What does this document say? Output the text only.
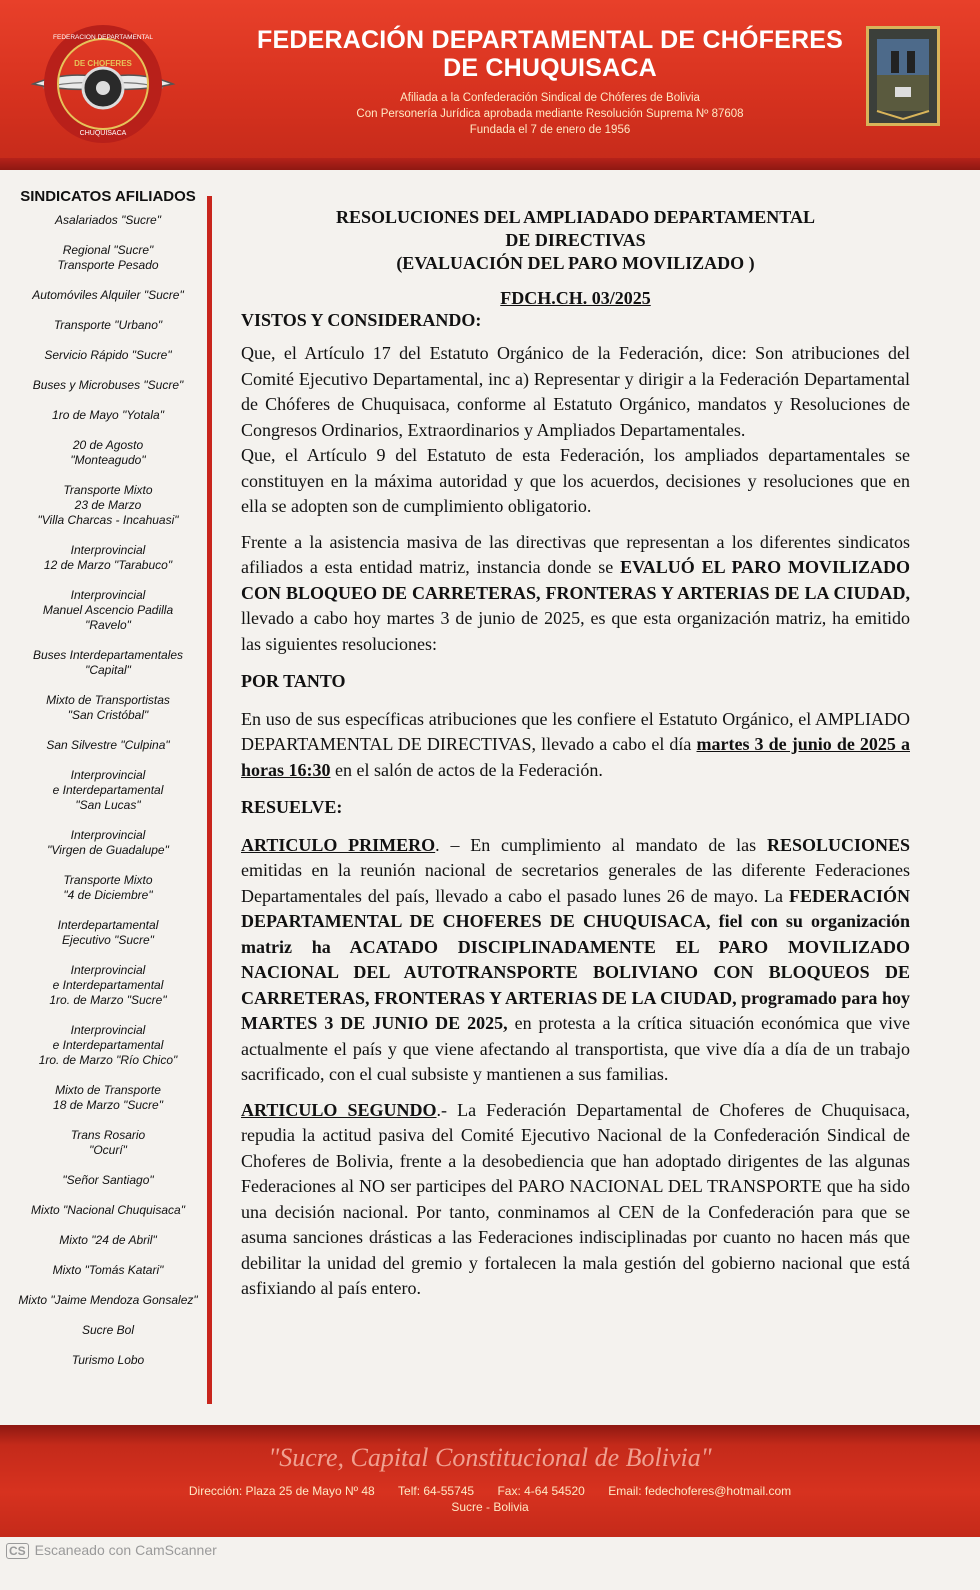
DE CHOFERES
FEDERACION DEPARTAMENTAL
CHUQUISACA
FEDERACIÓN DEPARTAMENTAL DE CHÓFERES
DE CHUQUISACA
Afiliada a la Confederación Sindical de Chóferes de Bolivia
Con Personería Jurídica aprobada mediante Resolución Suprema Nº 87608
Fundada el 7 de enero de 1956
SINDICATOS AFILIADOS
Asalariados "Sucre"
Regional "Sucre"
Transporte Pesado
Automóviles Alquiler "Sucre"
Transporte "Urbano"
Servicio Rápido "Sucre"
Buses y Microbuses "Sucre"
1ro de Mayo "Yotala"
20 de Agosto
"Monteagudo"
Transporte Mixto
23 de Marzo
"Villa Charcas - Incahuasi"
Interprovincial
12 de Marzo "Tarabuco"
Interprovincial
Manuel Ascencio Padilla
"Ravelo"
Buses Interdepartamentales
"Capital"
Mixto de Transportistas
"San Cristóbal"
San Silvestre "Culpina"
Interprovincial
e Interdepartamental
"San Lucas"
Interprovincial
"Virgen de Guadalupe"
Transporte Mixto
"4 de Diciembre"
Interdepartamental
Ejecutivo "Sucre"
Interprovincial
e Interdepartamental
1ro. de Marzo "Sucre"
Interprovincial
e Interdepartamental
1ro. de Marzo "Río Chico"
Mixto de Transporte
18 de Marzo "Sucre"
Trans Rosario
"Ocurí"
"Señor Santiago"
Mixto "Nacional Chuquisaca"
Mixto "24 de Abril"
Mixto "Tomás Katari"
Mixto "Jaime Mendoza Gonsalez"
Sucre Bol
Turismo Lobo
RESOLUCIONES DEL AMPLIADADO DEPARTAMENTAL
DE DIRECTIVAS
(EVALUACIÓN DEL PARO MOVILIZADO )
FDCH.CH. 03/2025
VISTOS Y CONSIDERANDO:
Que, el Artículo 17 del Estatuto Orgánico de la Federación, dice: Son atribuciones del Comité Ejecutivo Departamental, inc a) Representar y dirigir a la Federación Departamental de Chóferes de Chuquisaca, conforme al Estatuto Orgánico, mandatos y Resoluciones de Congresos Ordinarios, Extraordinarios y Ampliados Departamentales.
Que, el Artículo 9 del Estatuto de esta Federación, los ampliados departamentales se constituyen en la máxima autoridad y que los acuerdos, decisiones y resoluciones que en ella se adopten son de cumplimiento obligatorio.
Frente a la asistencia masiva de las directivas que representan a los diferentes sindicatos afiliados a esta entidad matriz, instancia donde se EVALUÓ EL PARO MOVILIZADO CON BLOQUEO DE CARRETERAS, FRONTERAS Y ARTERIAS DE LA CIUDAD, llevado a cabo hoy martes 3 de junio de 2025, es que esta organización matriz, ha emitido las siguientes resoluciones:
POR TANTO
En uso de sus específicas atribuciones que les confiere el Estatuto Orgánico, el AMPLIADO DEPARTAMENTAL DE DIRECTIVAS, llevado a cabo el día martes 3 de junio de 2025 a horas 16:30 en el salón de actos de la Federación.
RESUELVE:
ARTICULO PRIMERO. – En cumplimiento al mandato de las RESOLUCIONES emitidas en la reunión nacional de secretarios generales de las diferente Federaciones Departamentales del país, llevado a cabo el pasado lunes 26 de mayo. La FEDERACIÓN DEPARTAMENTAL DE CHOFERES DE CHUQUISACA, fiel con su organización matriz ha ACATADO DISCIPLINADAMENTE EL PARO MOVILIZADO NACIONAL DEL AUTOTRANSPORTE BOLIVIANO CON BLOQUEOS DE CARRETERAS, FRONTERAS Y ARTERIAS DE LA CIUDAD, programado para hoy MARTES 3 DE JUNIO DE 2025, en protesta a la crítica situación económica que vive actualmente el país y que viene afectando al transportista, que vive día a día de un trabajo sacrificado, con el cual subsiste y mantienen a sus familias.
ARTICULO SEGUNDO.- La Federación Departamental de Choferes de Chuquisaca, repudia la actitud pasiva del Comité Ejecutivo Nacional de la Confederación Sindical de Choferes de Bolivia, frente a la desobediencia que han adoptado dirigentes de las algunas Federaciones al NO ser participes del PARO NACIONAL DEL TRANSPORTE que ha sido una decisión nacional. Por tanto, conminamos al CEN de la Confederación para que se asuma sanciones drásticas a las Federaciones indisciplinadas por cuanto no hacen más que debilitar la unidad del gremio y fortalecen la mala gestión del gobierno nacional que está asfixiando al país entero.
"Sucre, Capital Constitucional de Bolivia"
Dirección: Plaza 25 de Mayo Nº 48 Telf: 64-55745 Fax: 4-64 54520 Email: fedechoferes@hotmail.com
Sucre - Bolivia
CS Escaneado con CamScanner
